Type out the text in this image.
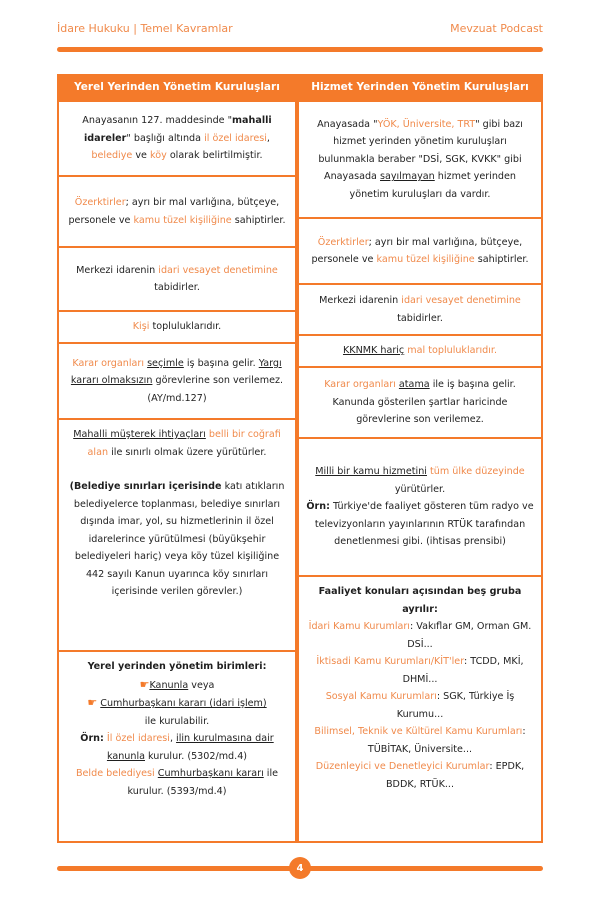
İdare Hukuku | Temel Kavramlar	Mevzuat Podcast
Yerel Yerinden Yönetim Kuruluşları	Hizmet Yerinden Yönetim Kuruluşları
Anayasanın 127. maddesinde "mahalli idareler" başlığı altında il özel idaresi, belediye ve köy olarak belirtilmiştir.
Özerktirler; ayrı bir mal varlığına, bütçeye, personele ve kamu tüzel kişiliğine sahiptirler.
Merkezi idarenin idari vesayet denetimine tabidirler.
Kişi topluluklarıdır.
Karar organları seçimle iş başına gelir. Yargı kararı olmaksızın görevlerine son verilemez. (AY/md.127)
Mahalli müşterek ihtiyaçları belli bir coğrafi alan ile sınırlı olmak üzere yürütürler.
(Belediye sınırları içerisinde katı atıkların belediyelerce toplanması, belediye sınırları dışında imar, yol, su hizmetlerinin il özel idarelerince yürütülmesi (büyükşehir belediyeleri hariç) veya köy tüzel kişiliğine 442 sayılı Kanun uyarınca köy sınırları içerisinde verilen görevler.)
Yerel yerinden yönetim birimleri:
☛Kanunla veya
☛ Cumhurbaşkanı kararı (idari işlem)
ile kurulabilir.
Örn: İl özel idaresi, ilin kurulmasına dair kanunla kurulur. (5302/md.4)
Belde belediyesi Cumhurbaşkanı kararı ile kurulur. (5393/md.4)
Anayasada "YÖK, Üniversite, TRT" gibi bazı hizmet yerinden yönetim kuruluşları bulunmakla beraber "DSİ, SGK, KVKK" gibi Anayasada sayılmayan hizmet yerinden yönetim kuruluşları da vardır.
Özerktirler; ayrı bir mal varlığına, bütçeye, personele ve kamu tüzel kişiliğine sahiptirler.
Merkezi idarenin idari vesayet denetimine tabidirler.
KKNMK hariç mal topluluklarıdır.
Karar organları atama ile iş başına gelir. Kanunda gösterilen şartlar haricinde görevlerine son verilemez.
Milli bir kamu hizmetini tüm ülke düzeyinde yürütürler.
Örn: Türkiye'de faaliyet gösteren tüm radyo ve televizyonların yayınlarının RTÜK tarafından denetlenmesi gibi. (ihtisas prensibi)
Faaliyet konuları açısından beş gruba ayrılır:
İdari Kamu Kurumları: Vakıflar GM, Orman GM. DSİ...
İktisadi Kamu Kurumları/KİT'ler: TCDD, MKİ, DHMİ...
Sosyal Kamu Kurumları: SGK, Türkiye İş Kurumu...
Bilimsel, Teknik ve Kültürel Kamu Kurumları: TÜBİTAK, Üniversite...
Düzenleyici ve Denetleyici Kurumlar: EPDK, BDDK, RTÜK...
4
